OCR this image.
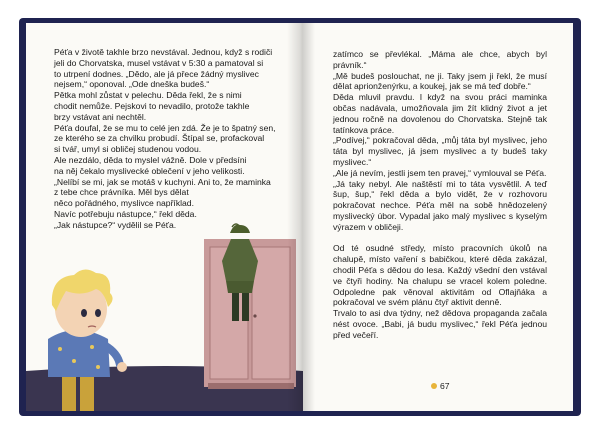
Péťa v životě takhle brzo nevstával. Jednou, když s rodiči

jeli do Chorvatska, musel vstávat v 5:30 a pamatoval si

to utrpení dodnes. „Dědo, ale já přece žádný myslivec

nejsem,“ oponoval. „Ode dneška budeš.“

Pětka mohl zůstat v pelechu. Děda řekl, že s nimi

chodit nemůže. Pejskovi to nevadilo, protože takhle

brzy vstávat ani nechtěl.

Péťa doufal, že se mu to celé jen zdá. Že je to špatný sen,

ze kterého se za chvilku probudí. Štípal se, profackoval

si tvář, umyl si obličej studenou vodou.

Ale nezdálo, děda to myslel vážně. Dole v předsíni

na něj čekalo myslivecké oblečení v jeho velikosti.

„Nelíbí se mi, jak se motáš v kuchyni. Ani to, že maminka

z tebe chce právníka. Měl bys dělat

něco pořádného, myslivce například.

Navíc potřebuju nástupce,“ řekl děda.

„Jak nástupce?“ vydělil se Péťa.

zatímco se převlékal. „Máma ale chce, abych byl právník.“

„Mě budeš poslouchat, ne ji. Taky jsem ji řekl, že musí dělat aprionženýrku, a koukej, jak se má teď dobře.“

Děda mluvil pravdu. I když na svou práci maminka občas nadávala, umožňovala jim žít klidný život a jet jednou ročně na dovolenou do Chorvatska. Stejně tak tatínkova práce.

„Podívej,“ pokračoval děda, „můj táta byl myslivec, jeho táta byl myslivec, já jsem myslivec a ty budeš taky myslivec.“

„Ale já nevím, jestli jsem ten pravej,“ vymlouval se Péťa.

„Já taky nebyl. Ale naštěstí mi to táta vysvětlil. A teď šup, šup,“ řekl děda a bylo vidět, že v rozhovoru pokračovat nechce. Péťa měl na sobě hnědozelený myslivecký úbor. Vypadal jako malý myslivec s kyselým výrazem v obličeji.

Od té osudné středy, místo pracovních úkolů na chalupě, místo vaření s babičkou, které děda zakázal, chodil Péťa s dědou do lesa. Každý všední den vstával ve čtyři hodiny. Na chalupu se vracel kolem poledne. Odpoledne pak věnoval aktivitám od Oflajňáka a pokračoval ve svém plánu čtyř aktivit denně.

Trvalo to asi dva týdny, než dědova propaganda začala nést ovoce. „Babi, já budu myslivec,“ řekl Péťa jednou před večeří.

67
